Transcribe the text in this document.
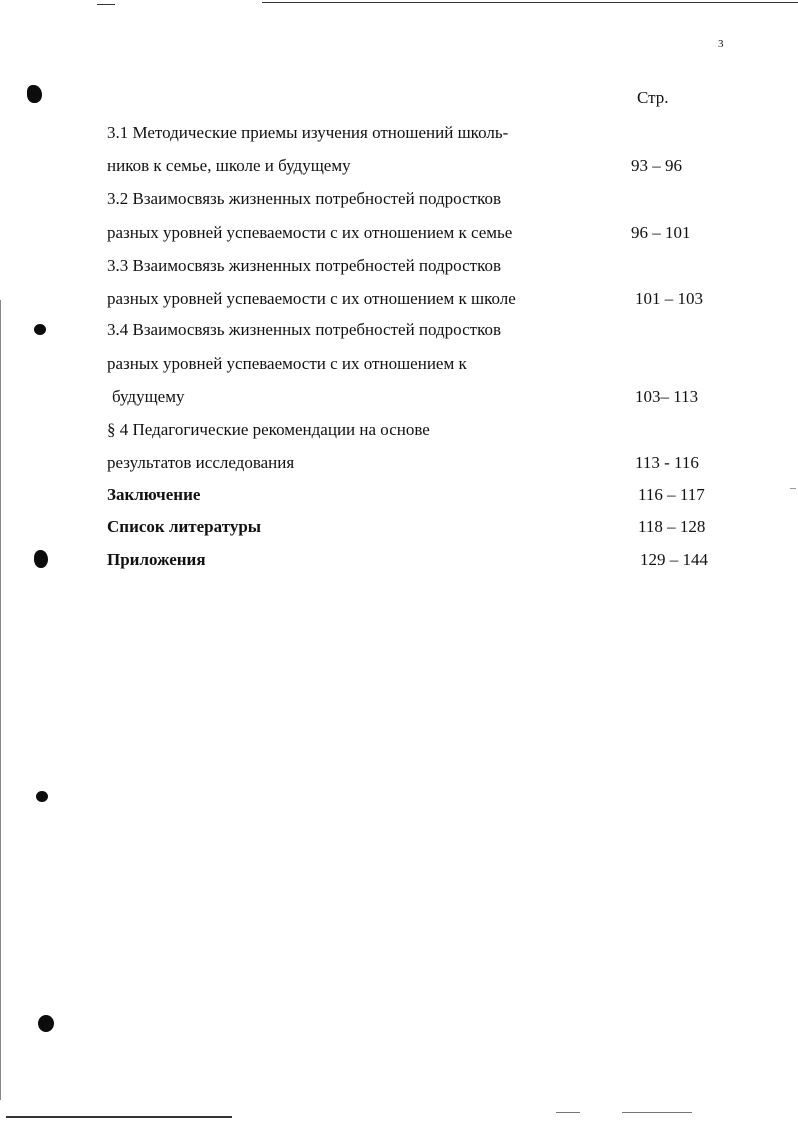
3
Стр.
3.1 Методические приемы изучения отношений школь-
ников к семье, школе и будущему	93 – 96
3.2 Взаимосвязь жизненных потребностей подростков
разных уровней успеваемости с их отношением к семье	96 – 101
3.3 Взаимосвязь жизненных потребностей подростков
разных уровней успеваемости с их отношением к школе	101 – 103
3.4 Взаимосвязь жизненных потребностей подростков
разных уровней успеваемости с их отношением к
будущему	103– 113
§ 4 Педагогические рекомендации на основе
результатов исследования	113 - 116
Заключение	116 – 117
Список литературы	118 – 128
Приложения	129 – 144
